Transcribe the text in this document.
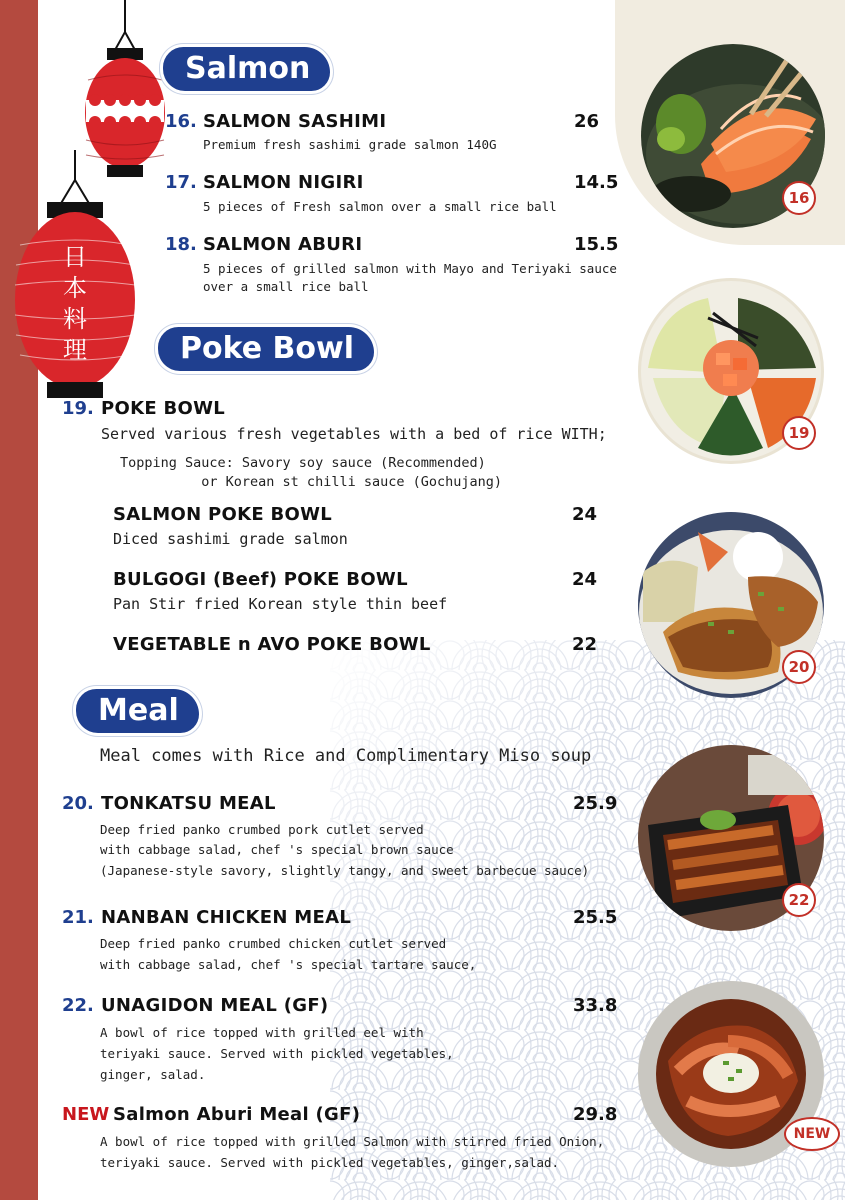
日
本
料
理
Salmon
16. SALMON SASHIMI	26
Premium fresh sashimi grade salmon 140G
17. SALMON NIGIRI	14.5
5 pieces of Fresh salmon over a small rice ball
18. SALMON ABURI	15.5
5 pieces of grilled salmon with Mayo and Teriyaki sauce
over a small rice ball
Poke Bowl
19. POKE BOWL
Served various fresh vegetables with a bed of rice WITH;
Topping Sauce: Savory soy sauce (Recommended)
or Korean st chilli sauce (Gochujang)
SALMON POKE BOWL	24
Diced sashimi grade salmon
BULGOGI (Beef) POKE BOWL	24
Pan Stir fried Korean style thin beef
VEGETABLE n AVO POKE BOWL	22
Meal
Meal comes with Rice and Complimentary Miso soup
20. TONKATSU MEAL	25.9
Deep fried panko crumbed pork cutlet served
with cabbage salad, chef 's special brown sauce
(Japanese-style savory, slightly tangy, and sweet barbecue sauce)
21. NANBAN CHICKEN MEAL	25.5
Deep fried panko crumbed chicken cutlet served
with cabbage salad, chef 's special tartare sauce,
22. UNAGIDON MEAL (GF)	33.8
A bowl of rice topped with grilled eel with
teriyaki sauce. Served with pickled vegetables,
ginger, salad.
NEW Salmon Aburi Meal (GF)	29.8
A bowl of rice topped with grilled Salmon with stirred fried Onion,
teriyaki sauce. Served with pickled vegetables, ginger,salad.
16
19
20
22
NEW
